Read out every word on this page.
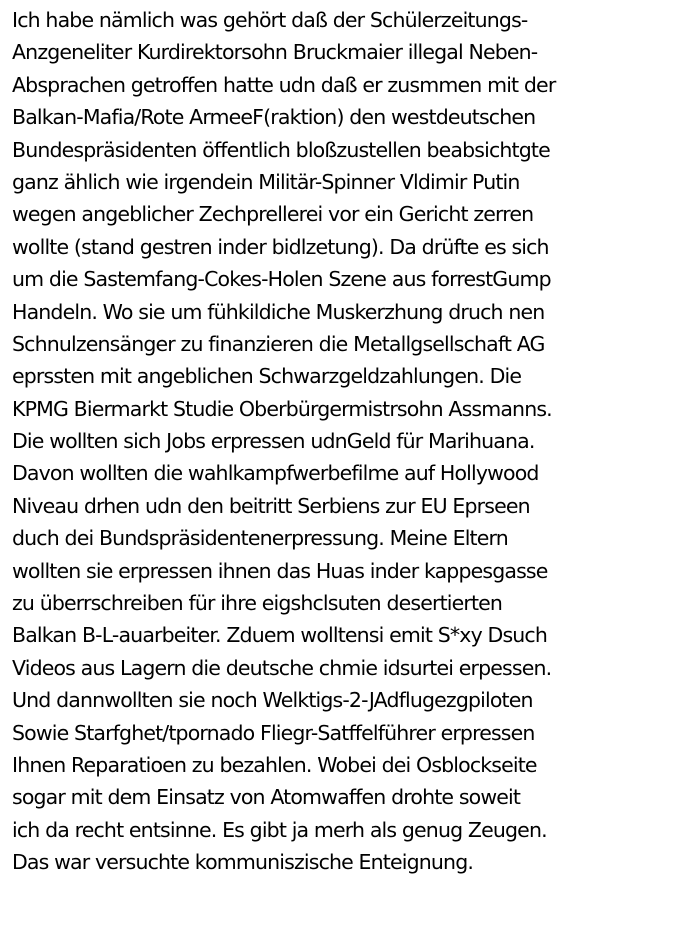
Ich habe nämlich was gehört daß der Schülerzeitungs-
Anzgeneliter Kurdirektorsohn Bruckmaier illegal Neben-
Absprachen getroffen hatte udn daß er zusmmen mit der
Balkan-Mafia/Rote ArmeeF(raktion) den westdeutschen
Bundespräsidenten öffentlich bloßzustellen beabsichtgte
ganz ählich wie irgendein Militär-Spinner Vldimir Putin
wegen angeblicher Zechprellerei vor ein Gericht zerren
wollte (stand gestren inder bidlzetung). Da drüfte es sich
um die Sastemfang-Cokes-Holen Szene aus forrestGump
Handeln. Wo sie um fühkildiche Muskerzhung druch nen
Schnulzensänger zu finanzieren die Metallgsellschaft AG
eprssten mit angeblichen Schwarzgeldzahlungen. Die
KPMG Biermarkt Studie Oberbürgermistrsohn Assmanns.
Die wollten sich Jobs erpressen udnGeld für Marihuana.
Davon wollten die wahlkampfwerbefilme auf Hollywood
Niveau drhen udn den beitritt Serbiens zur EU Eprseen
duch dei Bundspräsidentenerpressung. Meine Eltern
wollten sie erpressen ihnen das Huas inder kappesgasse
zu überrschreiben für ihre eigshclsuten desertierten
Balkan B-L-auarbeiter. Zduem wolltensi emit S*xy Dsuch
Videos aus Lagern die deutsche chmie idsurtei erpessen.
Und dannwollten sie noch Welktigs-2-JAdflugezgpiloten
Sowie Starfghet/tpornado Fliegr-Satffelführer erpressen
Ihnen Reparatioen zu bezahlen. Wobei dei Osblockseite
sogar mit dem Einsatz von Atomwaffen drohte soweit
ich da recht entsinne. Es gibt ja merh als genug Zeugen.
Das war versuchte kommuniszische Enteignung.
